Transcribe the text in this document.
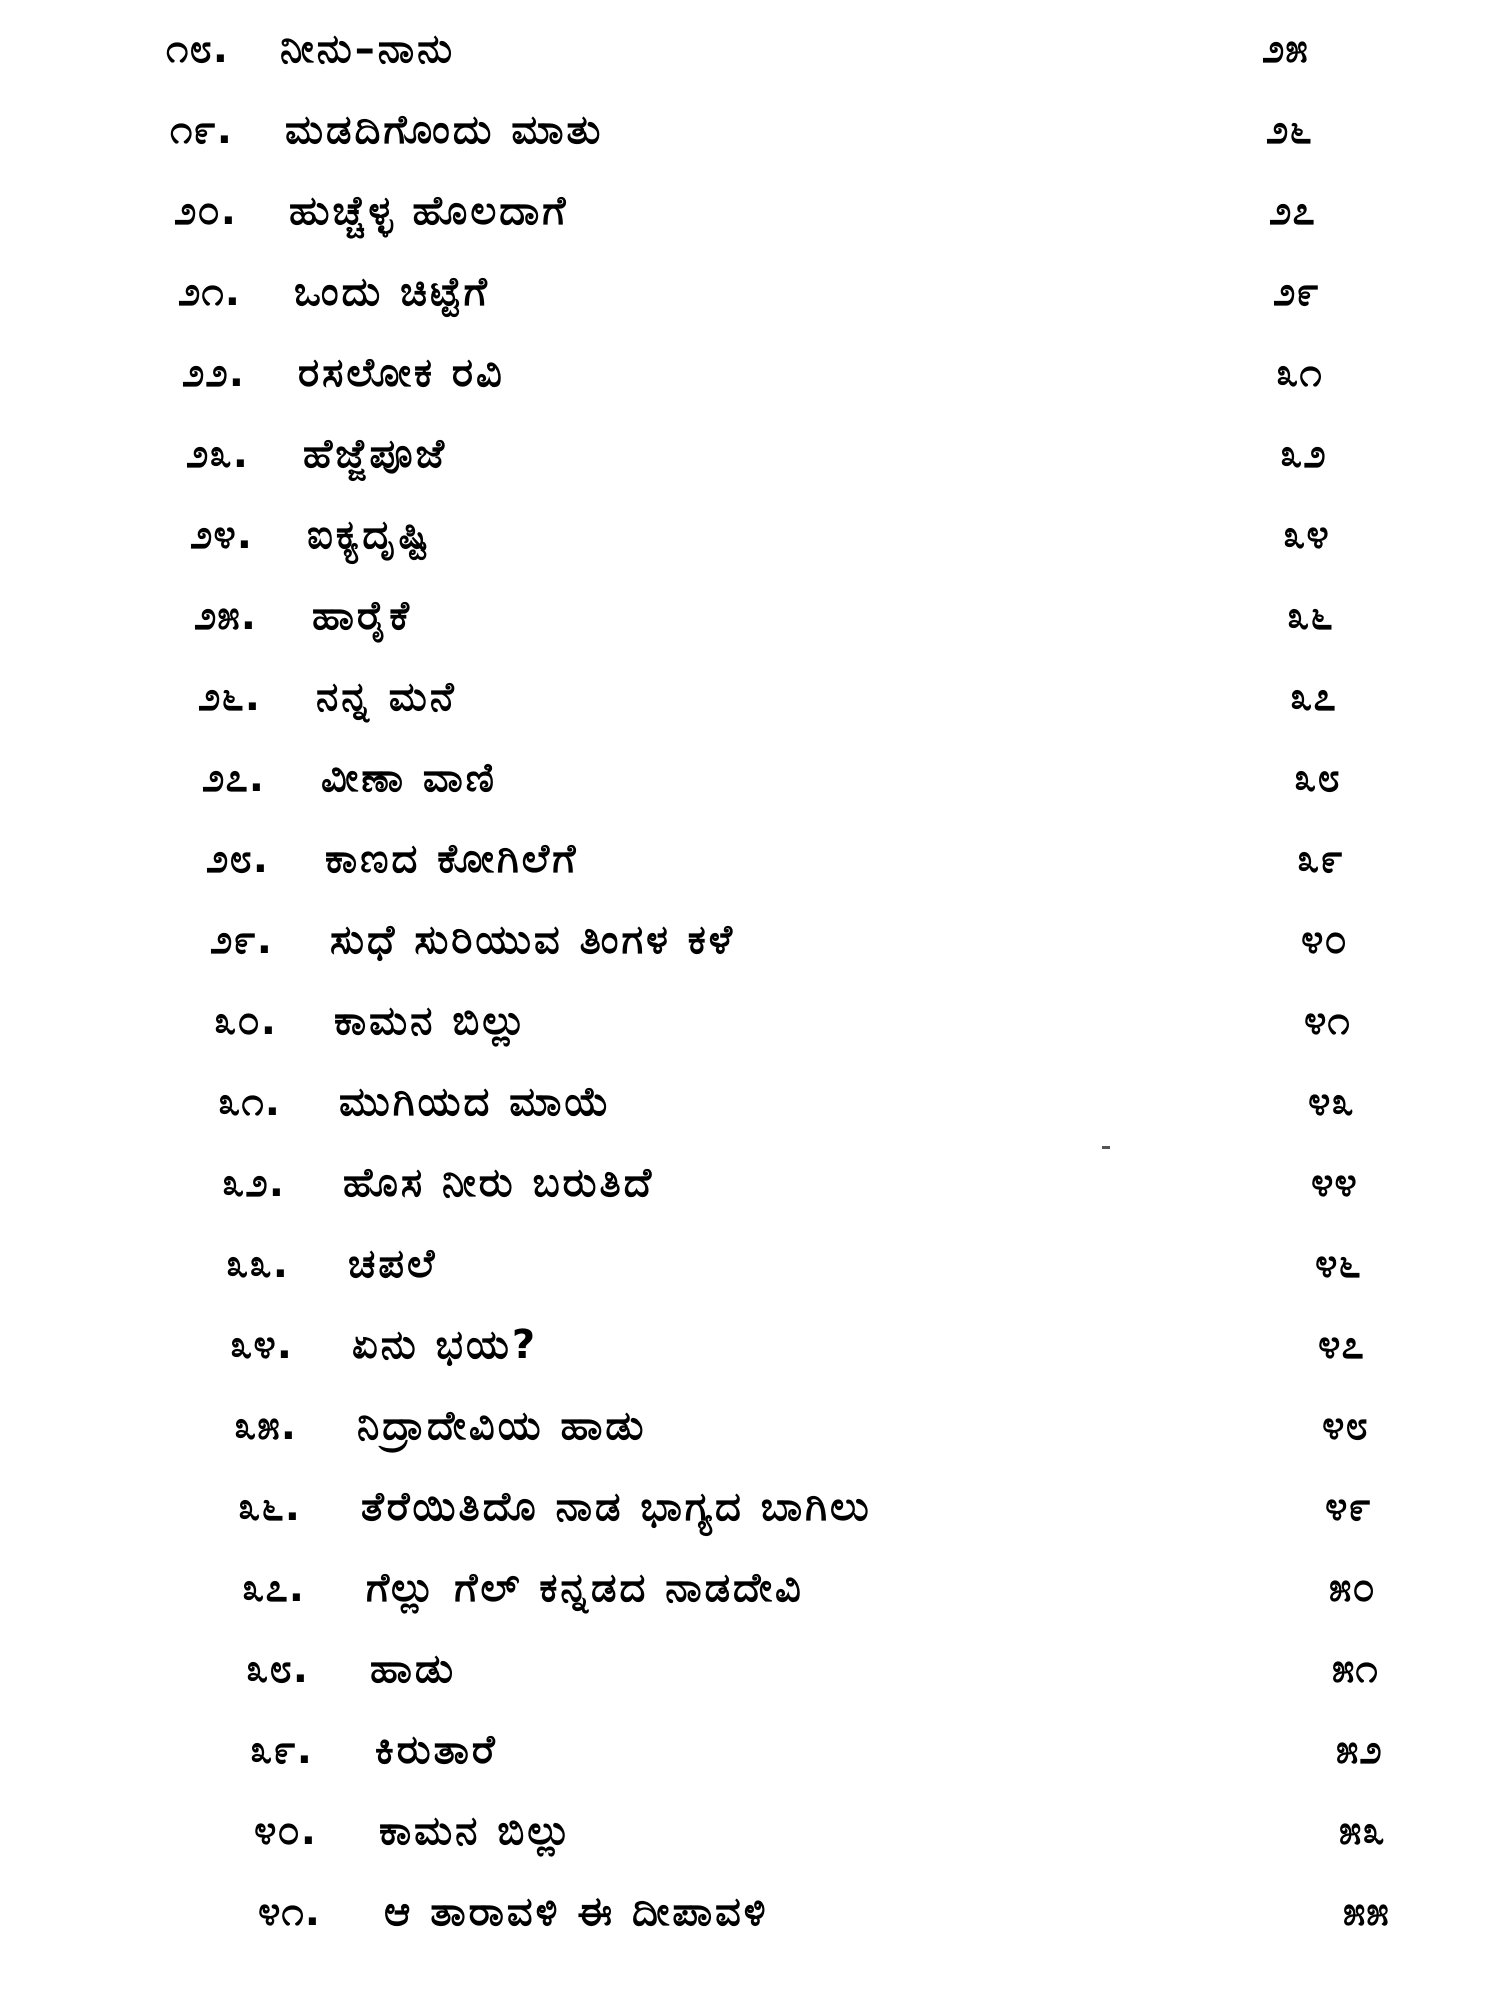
೧೮. ನೀನು–ನಾನು	೨೫
೧೯. ಮಡದಿಗೊಂದು ಮಾತು	೨೬
೨೦. ಹುಚ್ಚೆಳ್ಳ ಹೊಲದಾಗೆ	೨೭
೨೧. ಒಂದು ಚಿಟ್ಟೆಗೆ	೨೯
೨೨. ರಸಲೋಕ ರವಿ	೩೧
೨೩. ಹೆಜ್ಜೆಪೂಜೆ	೩೨
೨೪. ಐಕ್ಯದೃಷ್ಟಿ	೩೪
೨೫. ಹಾರೈಕೆ	೩೬
೨೬. ನನ್ನ ಮನೆ	೩೭
೨೭. ವೀಣಾ ವಾಣಿ	೩೮
೨೮. ಕಾಣದ ಕೋಗಿಲೆಗೆ	೩೯
೨೯. ಸುಧೆ ಸುರಿಯುವ ತಿಂಗಳ ಕಳೆ	೪೦
೩೦. ಕಾಮನ ಬಿಲ್ಲು	೪೧
೩೧. ಮುಗಿಯದ ಮಾಯೆ	೪೩
೩೨. ಹೊಸ ನೀರು ಬರುತಿದೆ	೪೪
೩೩. ಚಪಲೆ	೪೬
೩೪. ಏನು ಭಯ?	೪೭
೩೫. ನಿದ್ರಾದೇವಿಯ ಹಾಡು	೪೮
೩೬. ತೆರೆಯಿತಿದೊ ನಾಡ ಭಾಗ್ಯದ ಬಾಗಿಲು	೪೯
೩೭. ಗೆಲ್ಲು ಗೆಲ್ ಕನ್ನಡದ ನಾಡದೇವಿ	೫೦
೩೮. ಹಾಡು	೫೧
೩೯. ಕಿರುತಾರೆ	೫೨
೪೦. ಕಾಮನ ಬಿಲ್ಲು	೫೩
೪೧. ಆ ತಾರಾವಳಿ ಈ ದೀಪಾವಳಿ	೫೫
